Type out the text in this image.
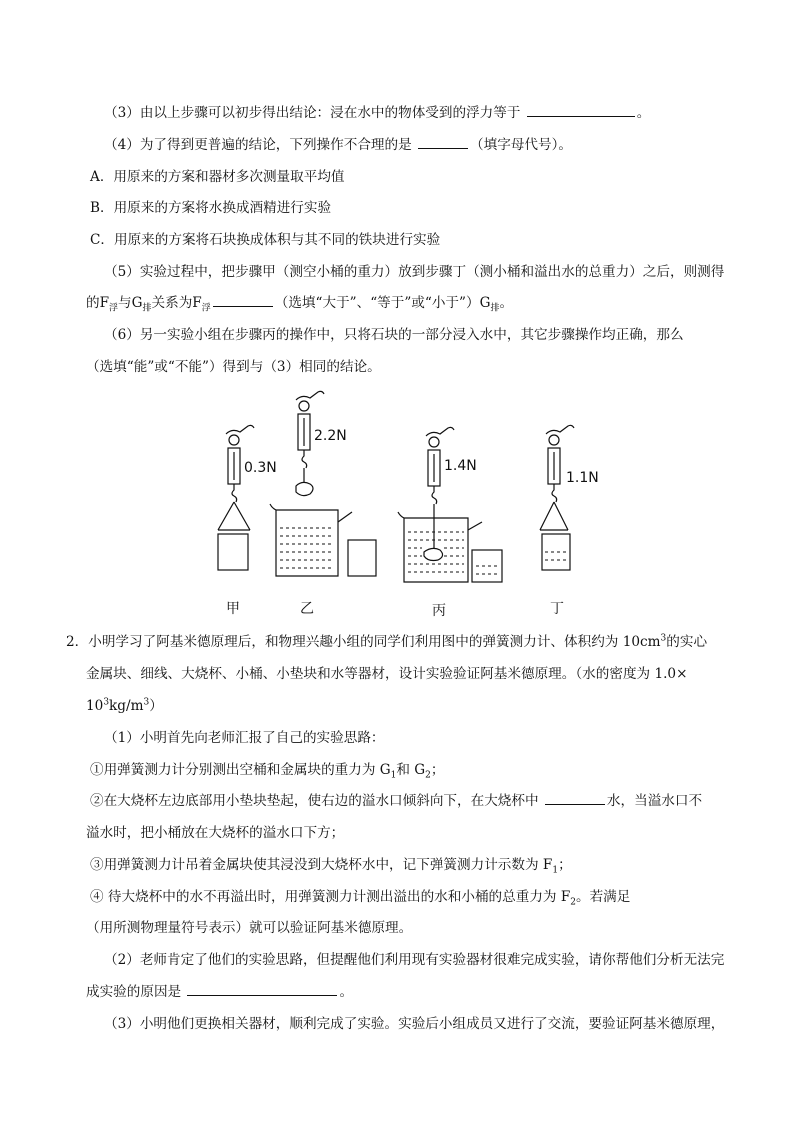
（3）由以上步骤可以初步得出结论：浸在水中的物体受到的浮力等于	。
（4）为了得到更普遍的结论，下列操作不合理的是	（填字母代号）。
A．用原来的方案和器材多次测量取平均值
B．用原来的方案将水换成酒精进行实验
C．用原来的方案将石块换成体积与其不同的铁块进行实验
（5）实验过程中，把步骤甲（测空小桶的重力）放到步骤丁（测小桶和溢出水的总重力）之后，则测得
的$F_浮$与$G_排$关系为$F_浮$	（选填“大于”、“等于”或“小于$”)G_排$。
（6）另一实验小组在步骤丙的操作中，只将石块的一部分浸入水中，其它步骤操作均正确，那么
（选填“能”或“不能”）得到与（3）相同的结论。
0.3N
2.2N
1.4N
1.1N
甲	乙	丙	丁
2．小明学习了阿基米德原理后，和物理兴趣小组的同学们利用图中的弹簧测力计、体积约为 $10cm^3$的实心
金属块、细线、大烧杯、小桶、小垫块和水等器材，设计实验验证阿基米德原理。（水的密度为 1.0×
$10^3kg/m^3$）
（1）小明首先向老师汇报了自己的实验思路：
①用弹簧测力计分别测出空桶和金属块的重力为 $G_1$和 $G_2$；
②在大烧杯左边底部用小垫块垫起，使右边的溢水口倾斜向下，在大烧杯中	水，当溢水口不
溢水时，把小桶放在大烧杯的溢水口下方；
③用弹簧测力计吊着金属块使其浸没到大烧杯水中，记下弹簧测力计示数为 $F_1$；
④ 待大烧杯中的水不再溢出时，用弹簧测力计测出溢出的水和小桶的总重力为 $F_2$。若满足
（用所测物理量符号表示）就可以验证阿基米德原理。
（2）老师肯定了他们的实验思路，但提醒他们利用现有实验器材很难完成实验，请你帮他们分析无法完
成实验的原因是	。
（3）小明他们更换相关器材，顺利完成了实验。实验后小组成员又进行了交流，要验证阿基米德原理，
